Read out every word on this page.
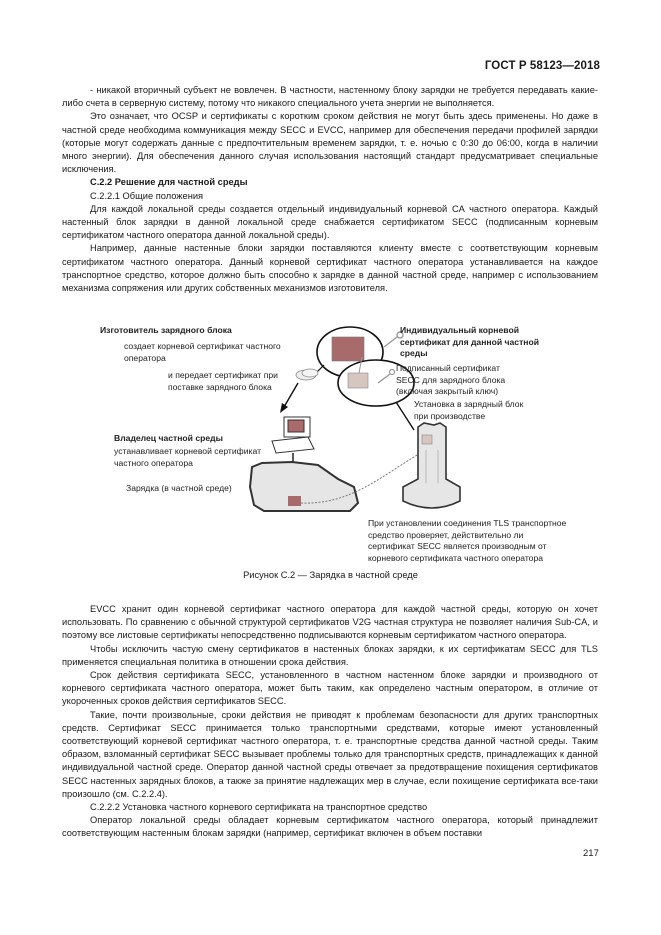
ГОСТ Р 58123—2018

- никакой вторичный субъект не вовлечен. В частности, настенному блоку зарядки не требуется передавать какие-либо счета в серверную систему, потому что никакого специального учета энергии не выполняется.

Это означает, что OCSP и сертификаты с коротким сроком действия не могут быть здесь применены. Но даже в частной среде необходима коммуникация между SECC и EVCC, например для обеспечения передачи профилей зарядки (которые могут содержать данные с предпочтительным временем зарядки, т. е. ночью с 0:30 до 06:00, когда в наличии много энергии). Для обеспечения данного случая использования настоящий стандарт предусматривает специальные исключения.

С.2.2 Решение для частной среды

С.2.2.1 Общие положения

Для каждой локальной среды создается отдельный индивидуальный корневой CA частного оператора. Каждый настенный блок зарядки в данной локальной среде снабжается сертификатом SECC (подписанным корневым сертификатом частного оператора данной локальной среды).

Например, данные настенные блоки зарядки поставляются клиенту вместе с соответствующим корневым сертификатом частного оператора. Данный корневой сертификат частного оператора устанавливается на каждое транспортное средство, которое должно быть способно к зарядке в данной частной среде, например с использованием механизма сопряжения или других собственных механизмов изготовителя.

Изготовитель зарядного блока
создает корневой сертификат частного оператора
и передает сертификат при поставке зарядного блока
Индивидуальный корневой сертификат для данной частной среды
Подписанный сертификат SECC для зарядного блока (включая закрытый ключ)
Установка в зарядный блок при производстве
Владелец частной среды
устанавливает корневой сертификат частного оператора
Зарядка (в частной среде)
При установлении соединения TLS транспортное средство проверяет, действительно ли сертификат SECC является производным от корневого сертификата частного оператора
Рисунок С.2 — Зарядка в частной среде

EVCC хранит один корневой сертификат частного оператора для каждой частной среды, которую он хочет использовать. По сравнению с обычной структурой сертификатов V2G частная структура не позволяет наличия Sub-CA, и поэтому все листовые сертификаты непосредственно подписываются корневым сертификатом частного оператора.

Чтобы исключить частую смену сертификатов в настенных блоках зарядки, к их сертификатам SECC для TLS применяется специальная политика в отношении срока действия.

Срок действия сертификата SECC, установленного в частном настенном блоке зарядки и производного от корневого сертификата частного оператора, может быть таким, как определено частным оператором, в отличие от укороченных сроков действия сертификатов SECC.

Такие, почти произвольные, сроки действия не приводят к проблемам безопасности для других транспортных средств. Сертификат SECC принимается только транспортными средствами, которые имеют установленный соответствующий корневой сертификат частного оператора, т. е. транспортные средства данной частной среды. Таким образом, взломанный сертификат SECC вызывает проблемы только для транспортных средств, принадлежащих к данной индивидуальной частной среде. Оператор данной частной среды отвечает за предотвращение похищения сертификатов SECC настенных зарядных блоков, а также за принятие надлежащих мер в случае, если похищение сертификата все-таки произошло (см. С.2.2.4).

С.2.2.2 Установка частного корневого сертификата на транспортное средство

Оператор локальной среды обладает корневым сертификатом частного оператора, который принадлежит соответствующим настенным блокам зарядки (например, сертификат включен в объем поставки

217
